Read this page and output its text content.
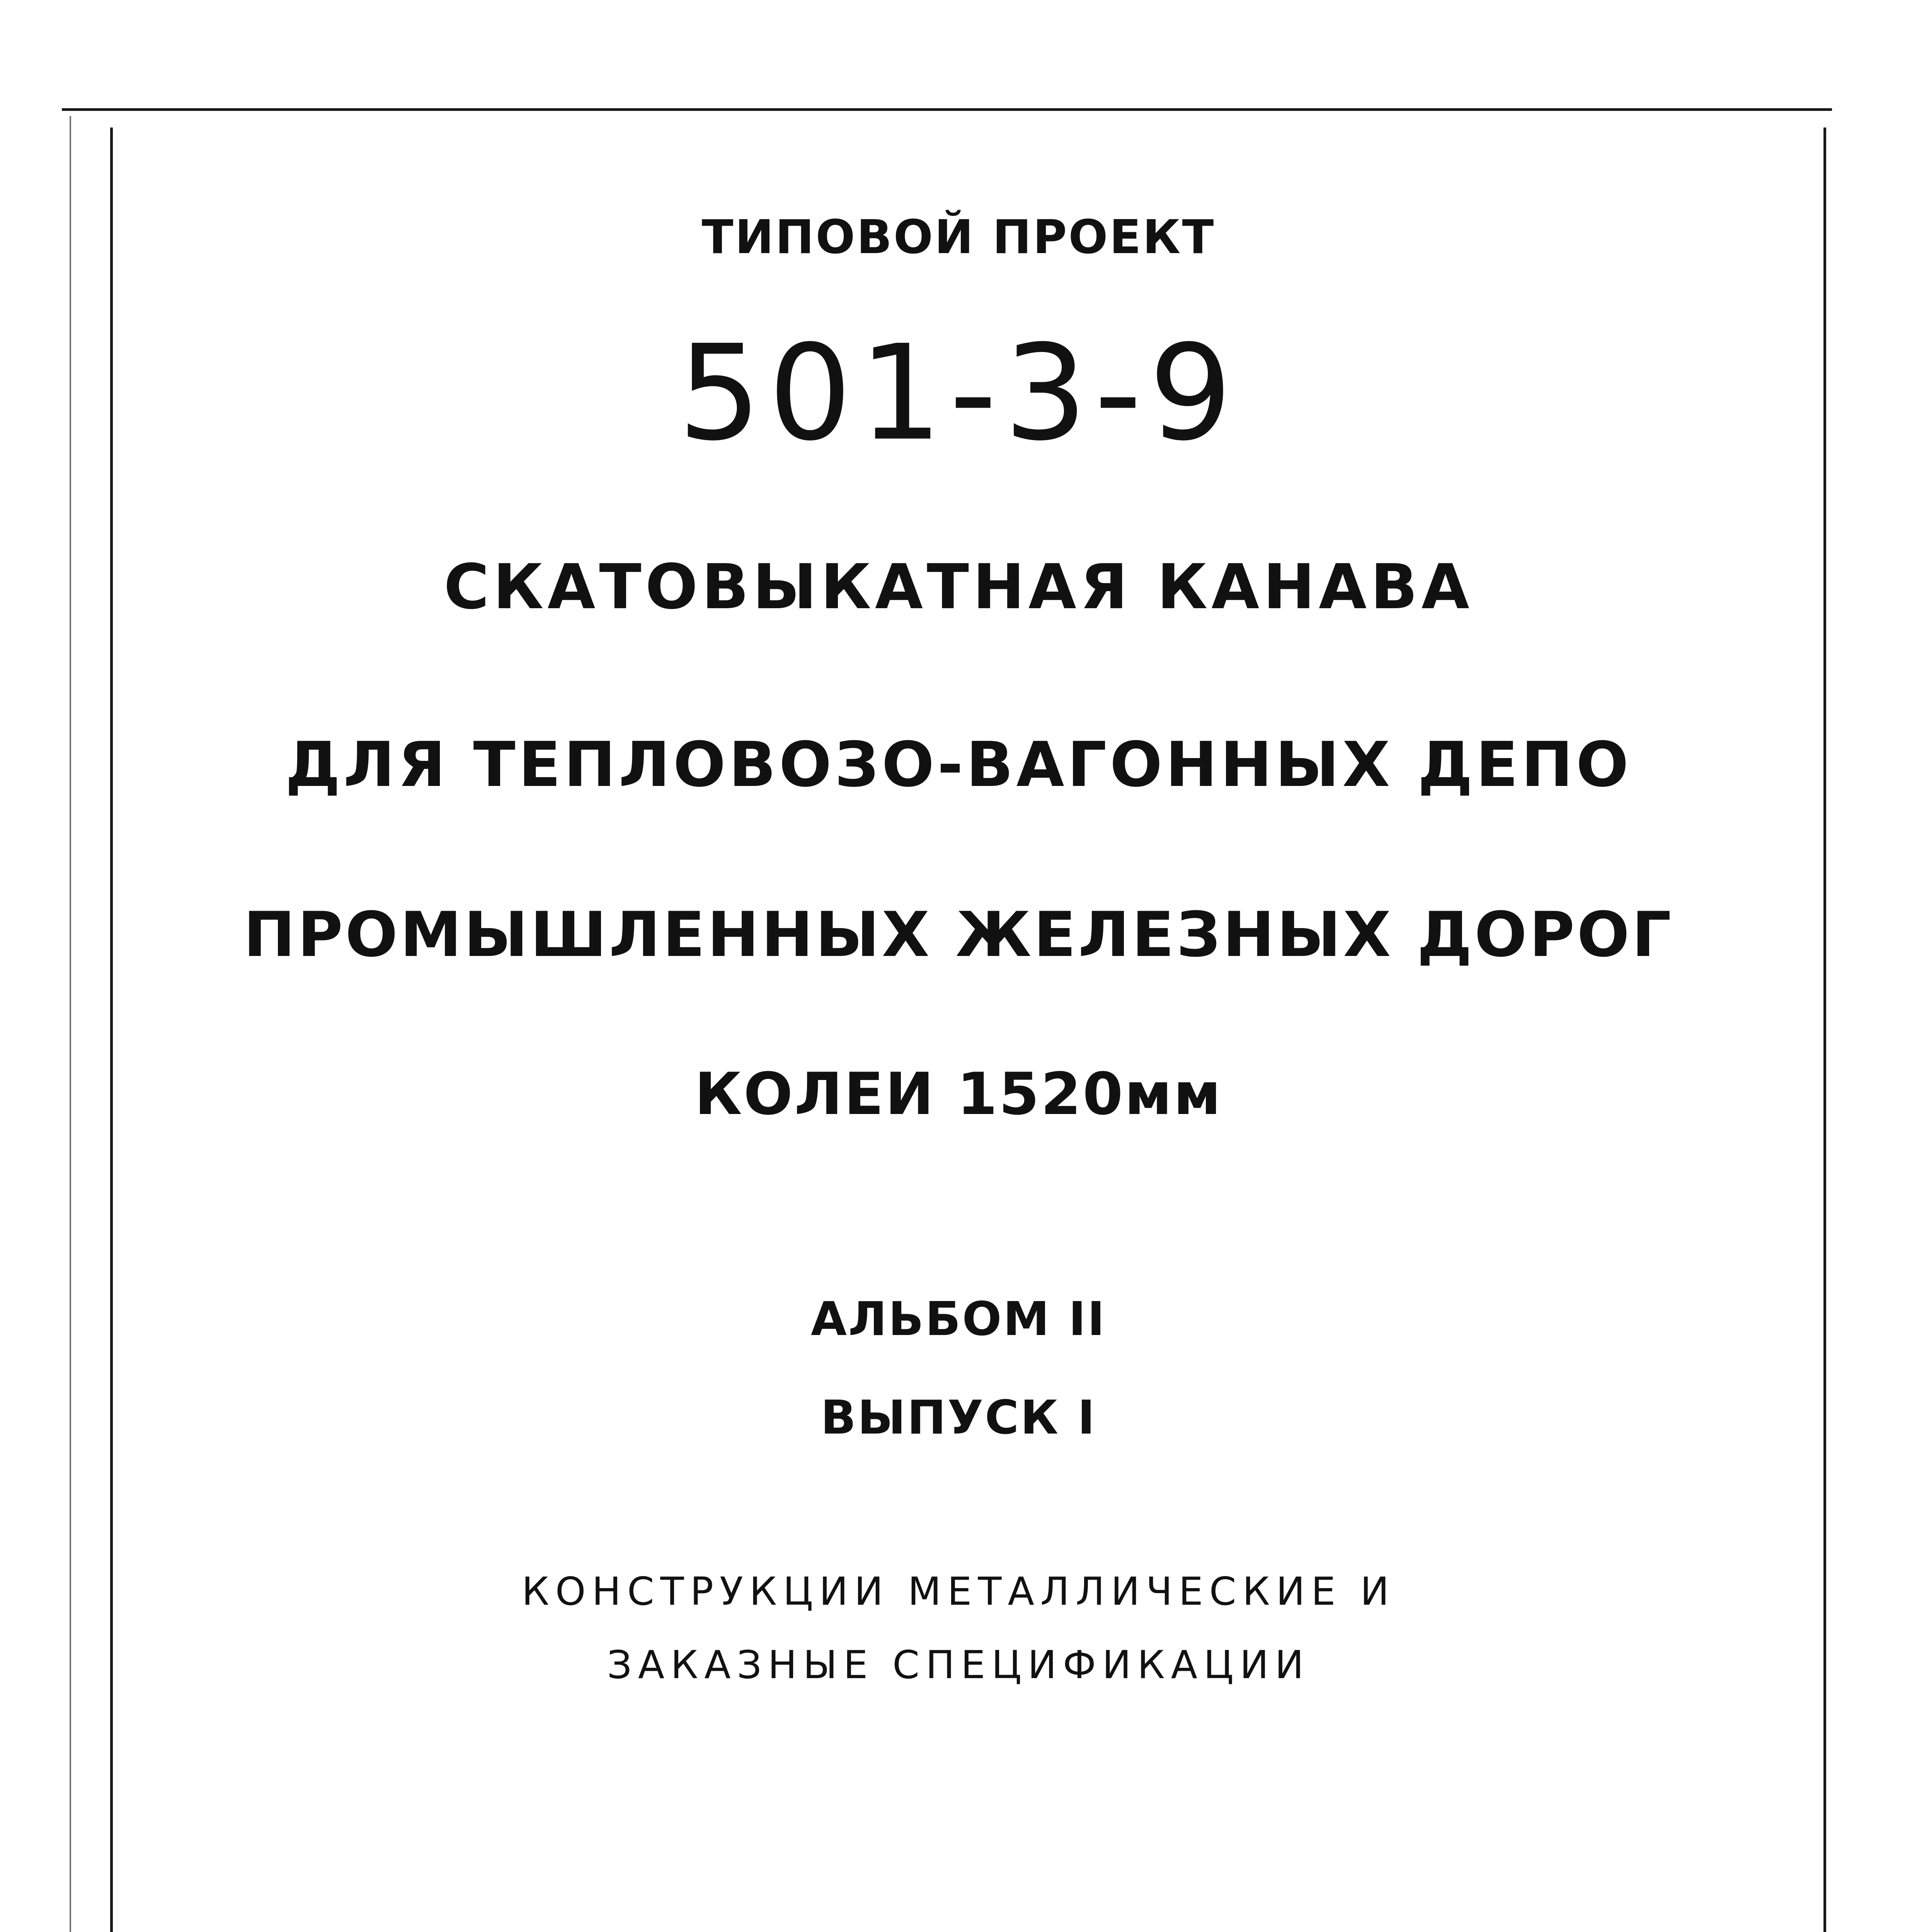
ТИПОВОЙ ПРОЕКТ
501-3-9
СКАТОВЫКАТНАЯ КАНАВА
ДЛЯ ТЕПЛОВОЗО-ВАГОННЫХ ДЕПО
ПРОМЫШЛЕННЫХ ЖЕЛЕЗНЫХ ДОРОГ
КОЛЕИ 1520мм
АЛЬБОМ II
ВЫПУСК I
КОНСТРУКЦИИ МЕТАЛЛИЧЕСКИЕ И
ЗАКАЗНЫЕ СПЕЦИФИКАЦИИ
